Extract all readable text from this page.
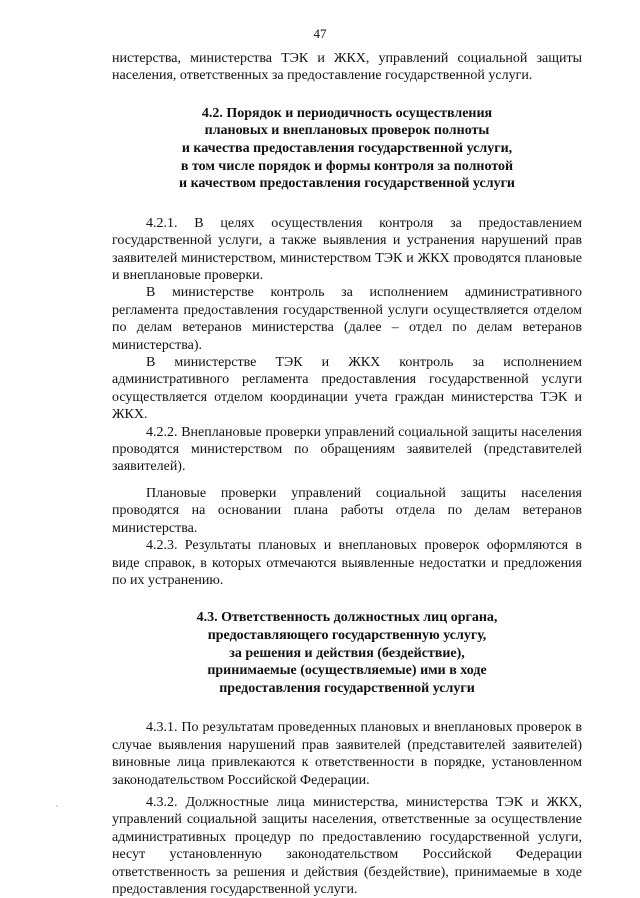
47

нистерства, министерства ТЭК и ЖКХ, управлений социальной защиты населения, ответственных за предоставление государственной услуги.

4.2. Порядок и периодичность осуществления
плановых и внеплановых проверок полноты
и качества предоставления государственной услуги,
в том числе порядок и формы контроля за полнотой
и качеством предоставления государственной услуги

4.2.1. В целях осуществления контроля за предоставлением государственной услуги, а также выявления и устранения нарушений прав заявителей министерством, министерством ТЭК и ЖКХ проводятся плановые и внеплановые проверки.

В министерстве контроль за исполнением административного регламента предоставления государственной услуги осуществляется отделом по делам ветеранов министерства (далее – отдел по делам ветеранов министерства).

В министерстве ТЭК и ЖКХ контроль за исполнением административного регламента предоставления государственной услуги осуществляется отделом координации учета граждан министерства ТЭК и ЖКХ.

4.2.2. Внеплановые проверки управлений социальной защиты населения проводятся министерством по обращениям заявителей (представителей заявителей).

Плановые проверки управлений социальной защиты населения проводятся на основании плана работы отдела по делам ветеранов министерства.

4.2.3. Результаты плановых и внеплановых проверок оформляются в виде справок, в которых отмечаются выявленные недостатки и предложения по их устранению.

4.3. Ответственность должностных лиц органа,
предоставляющего государственную услугу,
за решения и действия (бездействие),
принимаемые (осуществляемые) ими в ходе
предоставления государственной услуги

4.3.1. По результатам проведенных плановых и внеплановых проверок в случае выявления нарушений прав заявителей (представителей заявителей) виновные лица привлекаются к ответственности в порядке, установленном законодательством Российской Федерации.

4.3.2. Должностные лица министерства, министерства ТЭК и ЖКХ, управлений социальной защиты населения, ответственные за осуществление административных процедур по предоставлению государственной услуги, несут установленную законодательством Российской Федерации ответственность за решения и действия (бездействие), принимаемые в ходе предоставления государственной услуги.
